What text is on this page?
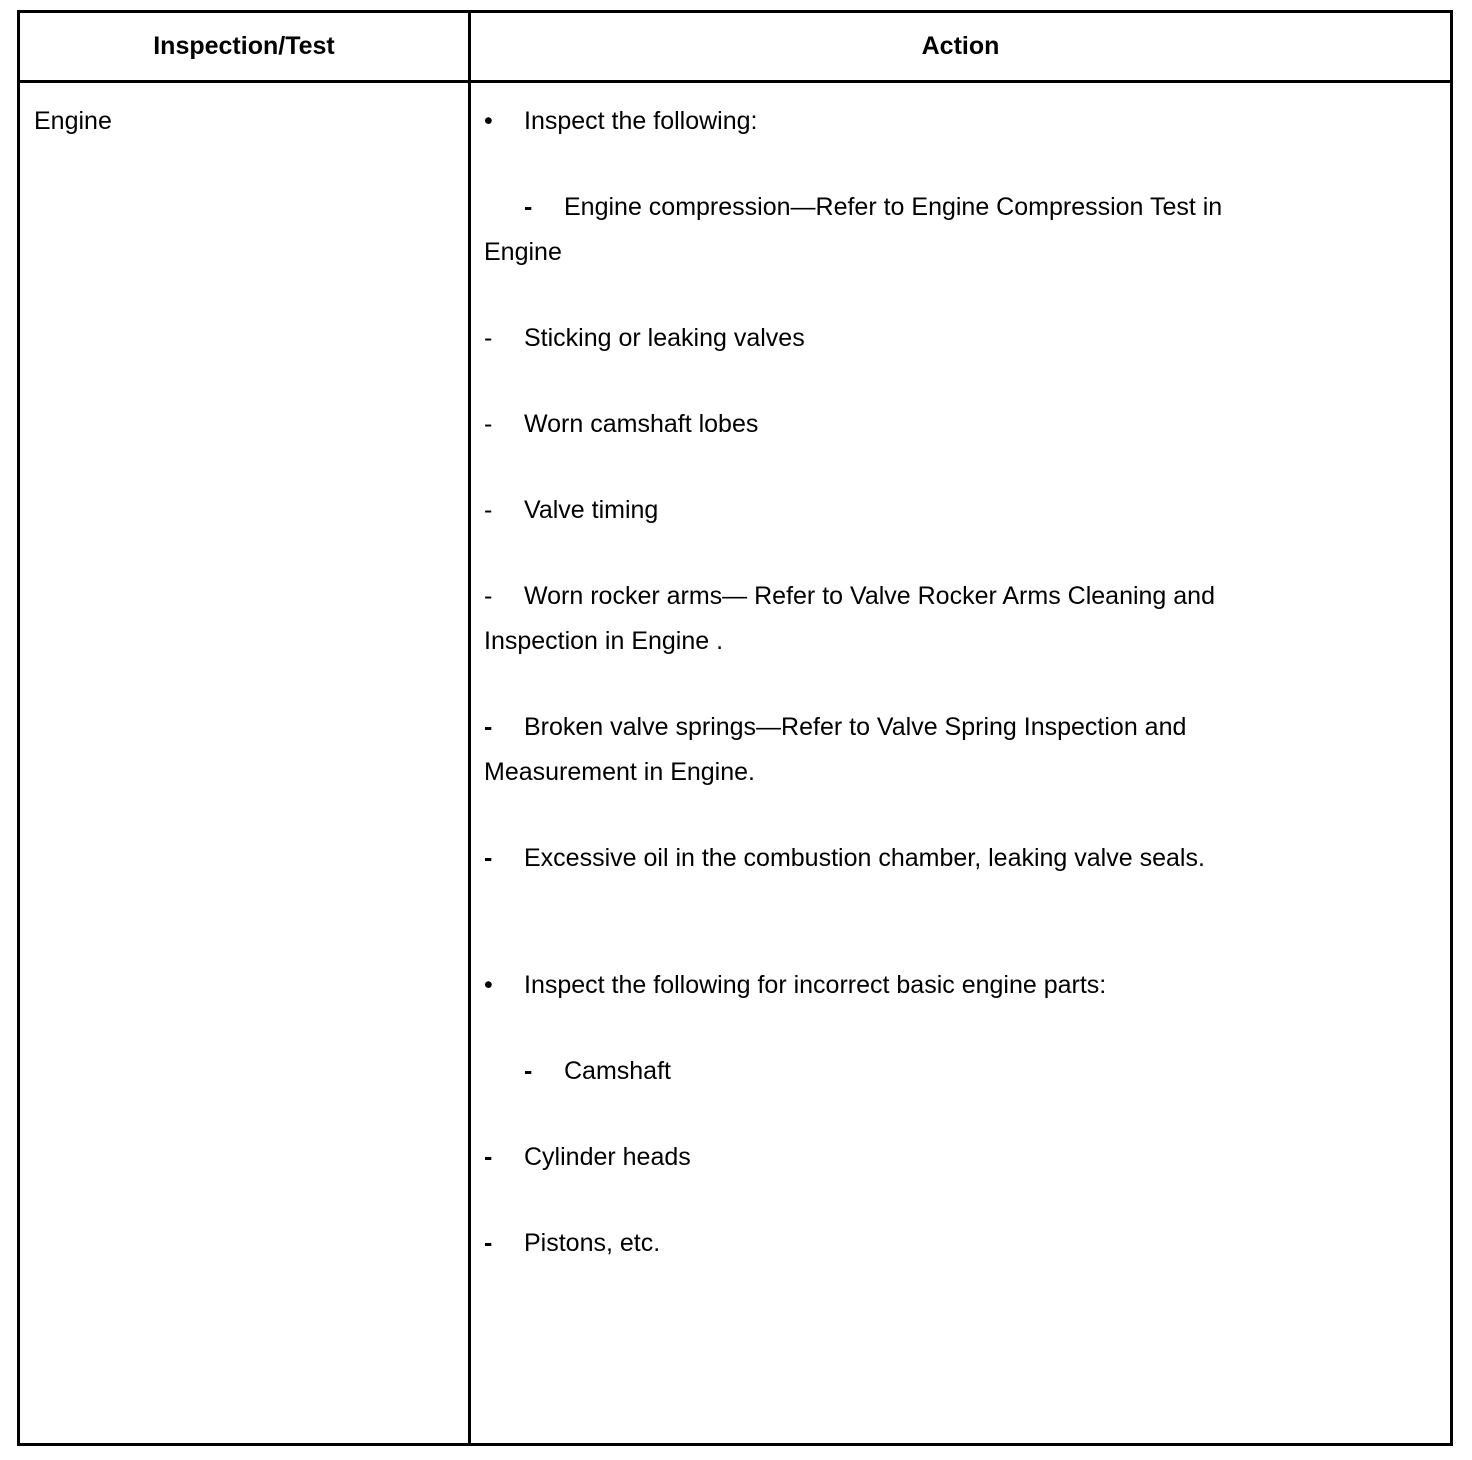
Inspection/Test	Action
Engine	• Inspect the following:
- Engine compression—Refer to Engine Compression Test in
Engine
- Sticking or leaking valves
- Worn camshaft lobes
- Valve timing
- Worn rocker arms— Refer to Valve Rocker Arms Cleaning and
Inspection in Engine .
- Broken valve springs—Refer to Valve Spring Inspection and
Measurement in Engine.
- Excessive oil in the combustion chamber, leaking valve seals.
• Inspect the following for incorrect basic engine parts:
- Camshaft
- Cylinder heads
- Pistons, etc.
